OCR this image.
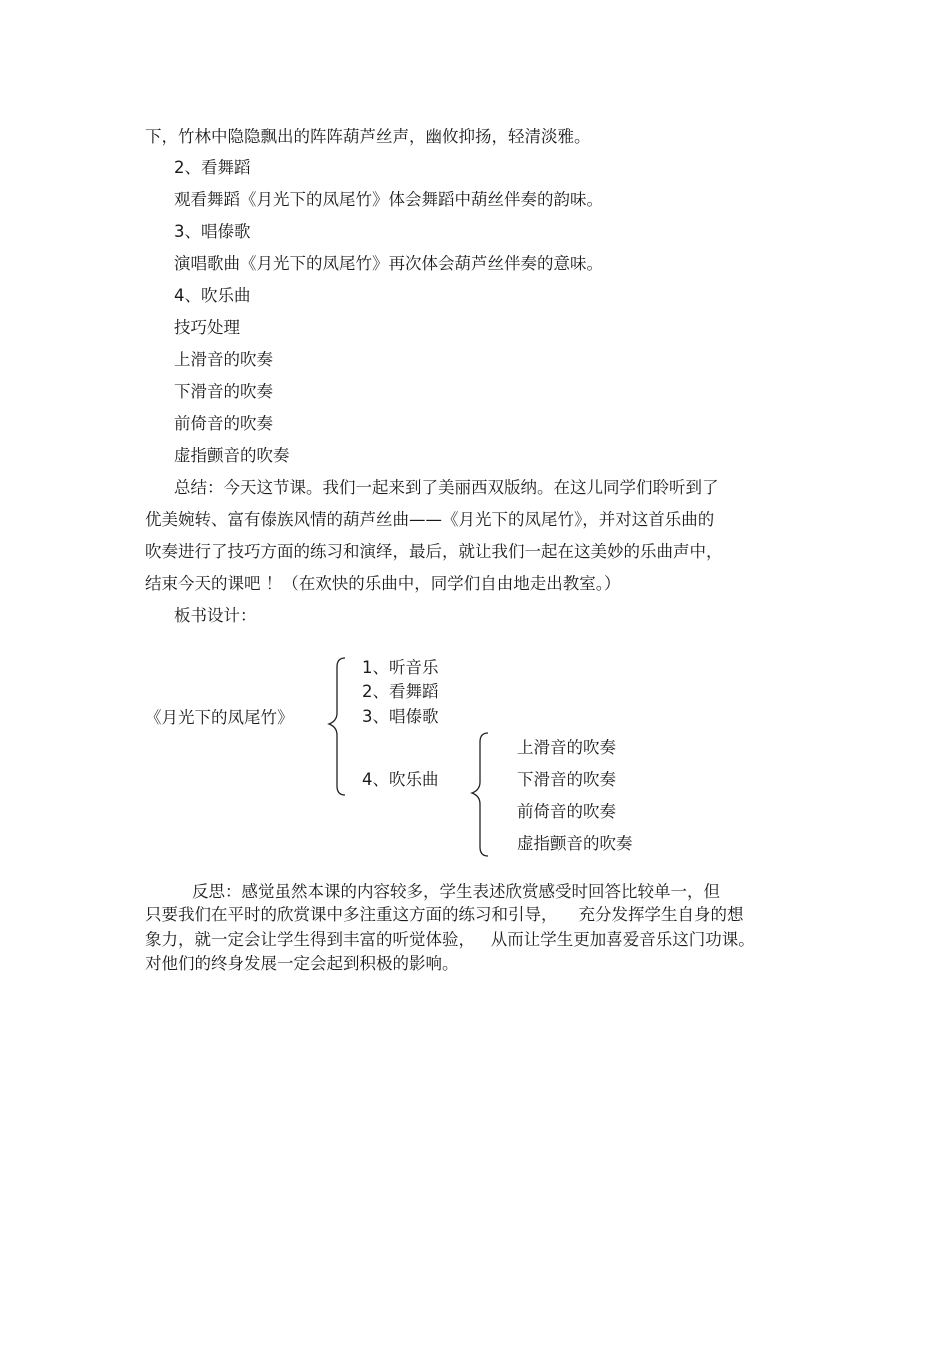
下，竹林中隐隐飘出的阵阵葫芦丝声，幽攸抑扬，轻清淡雅。
2、看舞蹈
观看舞蹈《月光下的凤尾竹》体会舞蹈中葫丝伴奏的韵味。
3、唱傣歌
演唱歌曲《月光下的凤尾竹》再次体会葫芦丝伴奏的意味。
4、吹乐曲
技巧处理
上滑音的吹奏
下滑音的吹奏
前倚音的吹奏
虚指颤音的吹奏
总结：今天这节课。我们一起来到了美丽西双版纳。在这儿同学们聆听到了
优美婉转、富有傣族风情的葫芦丝曲——《月光下的凤尾竹》，并对这首乐曲的
吹奏进行了技巧方面的练习和演绎，最后，就让我们一起在这美妙的乐曲声中，
结束今天的课吧 ！（在欢快的乐曲中，同学们自由地走出教室。）
板书设计：
《月光下的凤尾竹》
1、听音乐
2、看舞蹈
3、唱傣歌
4、吹乐曲
上滑音的吹奏
下滑音的吹奏
前倚音的吹奏
虚指颤音的吹奏
反思：感觉虽然本课的内容较多，学生表述欣赏感受时回答比较单一，但
只要我们在平时的欣赏课中多注重这方面的练习和引导，    充分发挥学生自身的想
象力，就一定会让学生得到丰富的听觉体验，   从而让学生更加喜爱音乐这门功课。
对他们的终身发展一定会起到积极的影响。
